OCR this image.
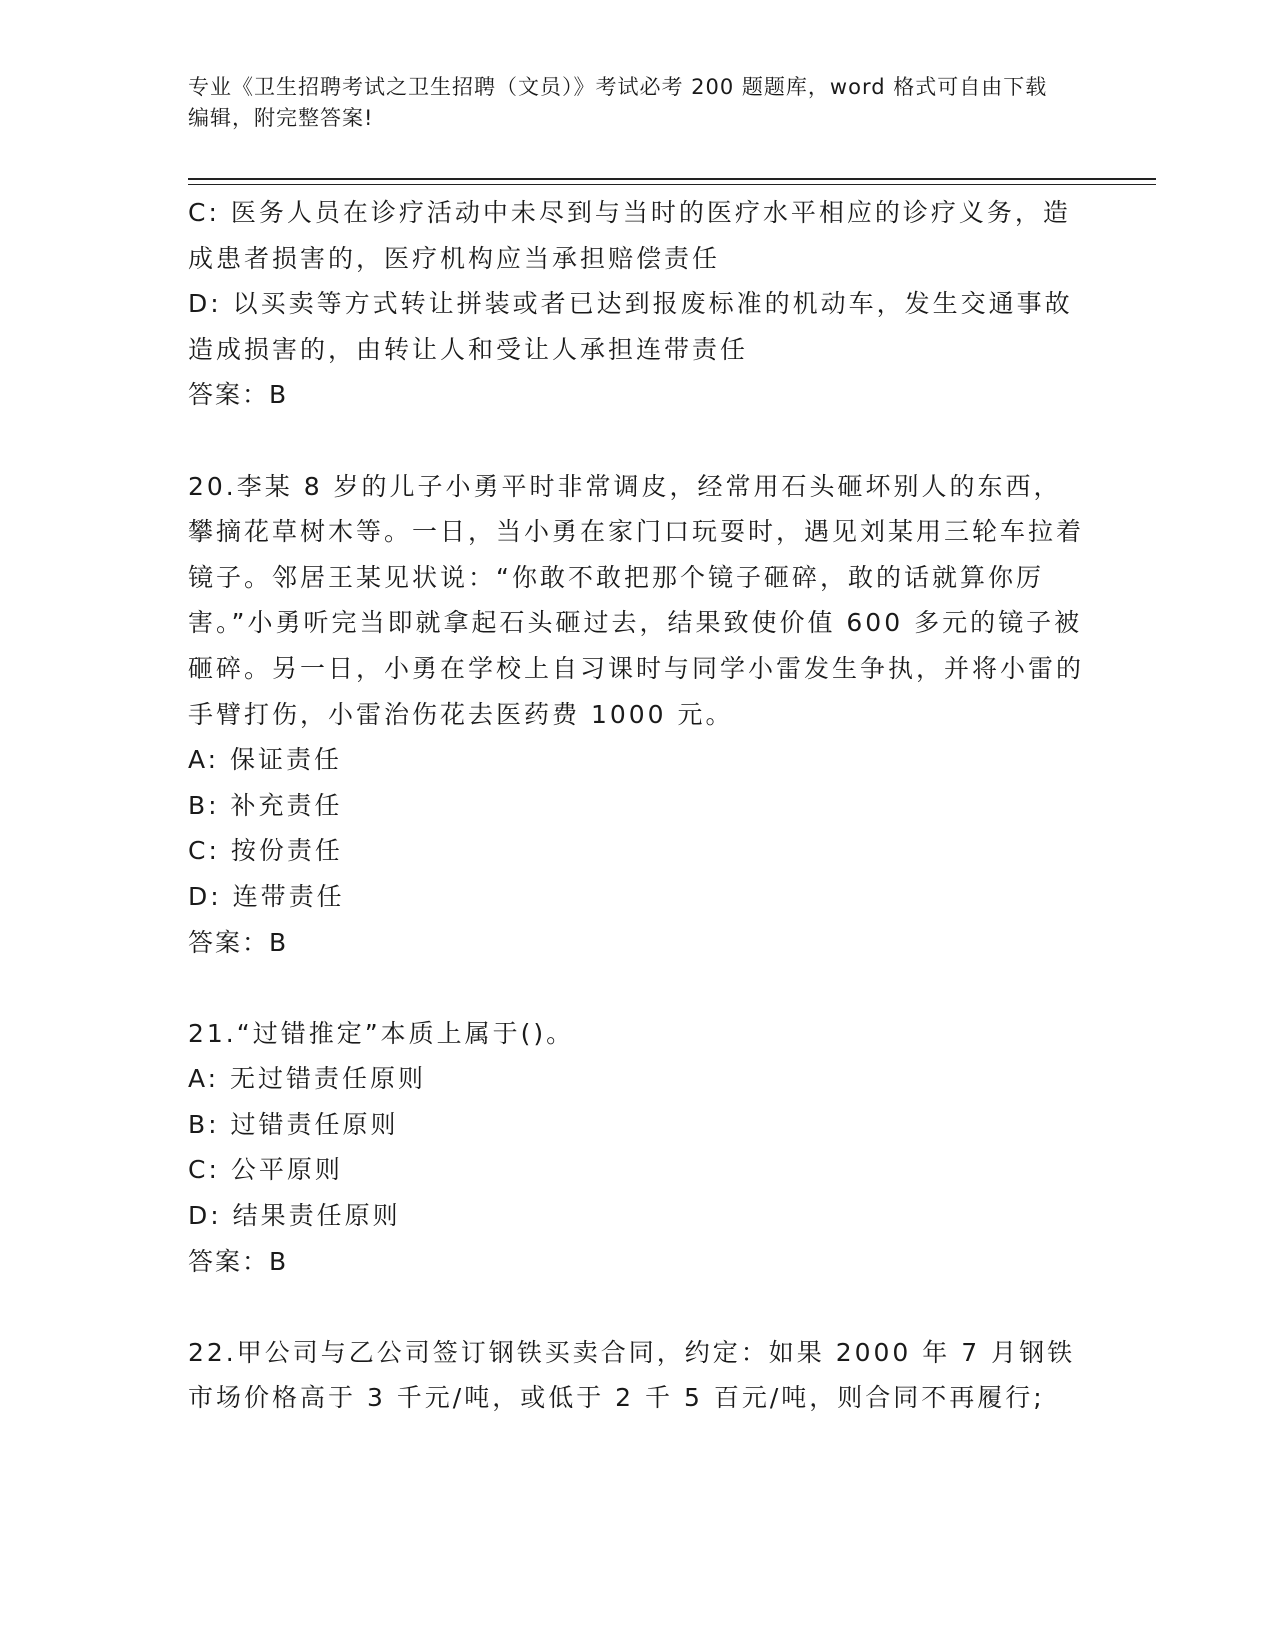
专业《卫生招聘考试之卫生招聘（文员）》考试必考 200 题题库，word 格式可自由下载编辑，附完整答案!

C: 医务人员在诊疗活动中未尽到与当时的医疗水平相应的诊疗义务，造成患者损害的，医疗机构应当承担赔偿责任

D: 以买卖等方式转让拼装或者已达到报废标准的机动车，发生交通事故造成损害的，由转让人和受让人承担连带责任

答案：B

20.李某 8 岁的儿子小勇平时非常调皮，经常用石头砸坏别人的东西，攀摘花草树木等。一日，当小勇在家门口玩耍时，遇见刘某用三轮车拉着镜子。邻居王某见状说：“你敢不敢把那个镜子砸碎，敢的话就算你厉害。”小勇听完当即就拿起石头砸过去，结果致使价值 600 多元的镜子被砸碎。另一日，小勇在学校上自习课时与同学小雷发生争执，并将小雷的手臂打伤，小雷治伤花去医药费 1000 元。

A: 保证责任

B: 补充责任

C: 按份责任

D: 连带责任

答案：B

21.“过错推定”本质上属于()。

A: 无过错责任原则

B: 过错责任原则

C: 公平原则

D: 结果责任原则

答案：B

22.甲公司与乙公司签订钢铁买卖合同，约定：如果 2000 年 7 月钢铁市场价格高于 3 千元/吨，或低于 2 千 5 百元/吨，则合同不再履行;
